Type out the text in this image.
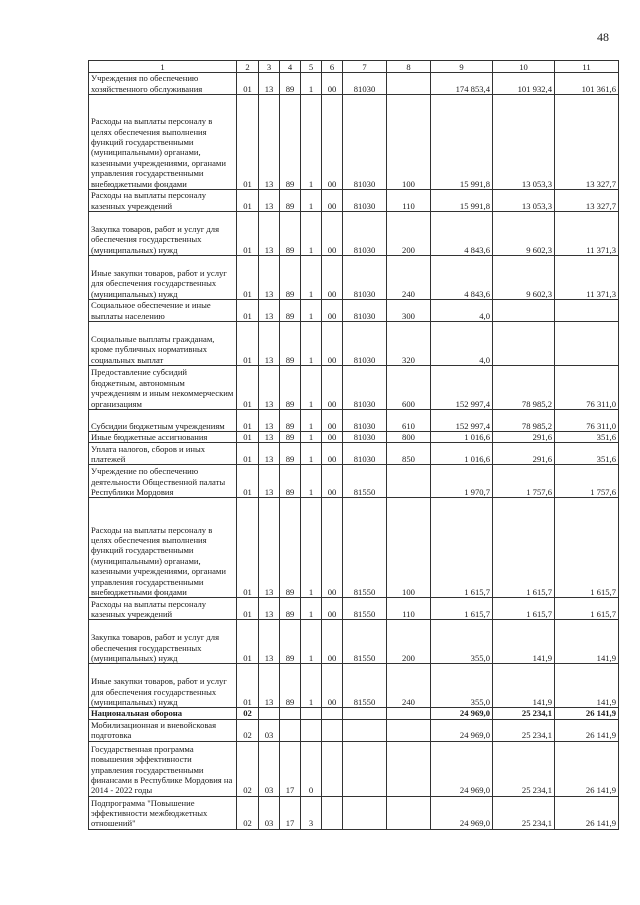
48
1	2	3	4	5	6	7	8	9	10	11
Учреждения по обеспечению хозяйственного обслуживания	01	13	89	1	00	81030		174 853,4	101 932,4	101 361,6
Расходы на выплаты персоналу в целях обеспечения выполнения функций государственными (муниципальными) органами, казенными учреждениями, органами управления государственными внебюджетными фондами	01	13	89	1	00	81030	100	15 991,8	13 053,3	13 327,7
Расходы на выплаты персоналу казенных учреждений	01	13	89	1	00	81030	110	15 991,8	13 053,3	13 327,7
Закупка товаров, работ и услуг для обеспечения государственных (муниципальных) нужд	01	13	89	1	00	81030	200	4 843,6	9 602,3	11 371,3
Иные закупки товаров, работ и услуг для обеспечения государственных (муниципальных) нужд	01	13	89	1	00	81030	240	4 843,6	9 602,3	11 371,3
Социальное обеспечение и иные выплаты населению	01	13	89	1	00	81030	300	4,0		
Социальные выплаты гражданам, кроме публичных нормативных социальных выплат	01	13	89	1	00	81030	320	4,0		
Предоставление субсидий бюджетным, автономным учреждениям и иным некоммерческим организациям	01	13	89	1	00	81030	600	152 997,4	78 985,2	76 311,0
Субсидии бюджетным учреждениям	01	13	89	1	00	81030	610	152 997,4	78 985,2	76 311,0
Иные бюджетные ассигнования	01	13	89	1	00	81030	800	1 016,6	291,6	351,6
Уплата налогов, сборов и иных платежей	01	13	89	1	00	81030	850	1 016,6	291,6	351,6
Учреждение по обеспечению деятельности Общественной палаты Республики Мордовия	01	13	89	1	00	81550		1 970,7	1 757,6	1 757,6
Расходы на выплаты персоналу в целях обеспечения выполнения функций государственными (муниципальными) органами, казенными учреждениями, органами управления государственными внебюджетными фондами	01	13	89	1	00	81550	100	1 615,7	1 615,7	1 615,7
Расходы на выплаты персоналу казенных учреждений	01	13	89	1	00	81550	110	1 615,7	1 615,7	1 615,7
Закупка товаров, работ и услуг для обеспечения государственных (муниципальных) нужд	01	13	89	1	00	81550	200	355,0	141,9	141,9
Иные закупки товаров, работ и услуг для обеспечения государственных (муниципальных) нужд	01	13	89	1	00	81550	240	355,0	141,9	141,9
Национальная оборона	02							24 969,0	25 234,1	26 141,9
Мобилизационная и вневойсковая подготовка	02	03						24 969,0	25 234,1	26 141,9
Государственная программа повышения эффективности управления государственными финансами в Республике Мордовия на 2014 - 2022 годы	02	03	17	0				24 969,0	25 234,1	26 141,9
Подпрограмма "Повышение эффективности межбюджетных отношений"	02	03	17	3				24 969,0	25 234,1	26 141,9
